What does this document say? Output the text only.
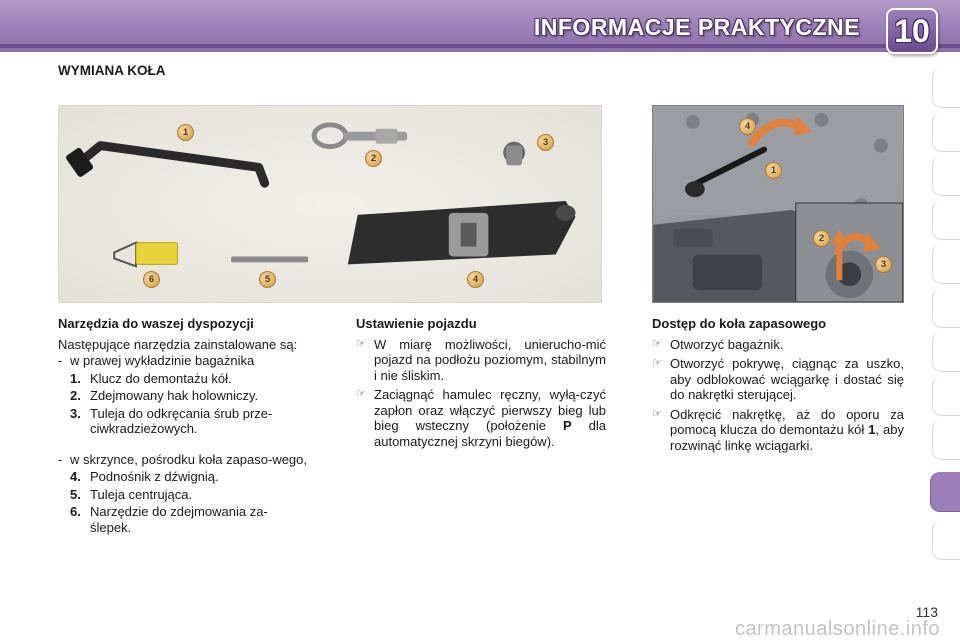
INFORMACJE PRAKTYCZNE 10
WYMIANA KOŁA
1
2
3
6	5	4
4
1
2
3
Narzędzia do waszej dyspozycji
Następujące narzędzia zainstalowane są:
- w prawej wykładzinie bagażnika
1. Klucz do demontażu kół.
2. Zdejmowany hak holowniczy.
3. Tuleja do odkręcania śrub prze-ciwkradzieżowych.
- w skrzynce, pośrodku koła zapaso-wego,
4. Podnośnik z dźwignią.
5. Tuleja centrująca.
6. Narzędzie do zdejmowania za-ślepek.
Ustawienie pojazdu
☞ W miarę możliwości, unierucho-mić pojazd na podłożu poziomym, stabilnym i nie śliskim.
☞ Zaciągnąć hamulec ręczny, wyłą-czyć zapłon oraz włączyć pierwszy bieg lub bieg wsteczny (położenie P dla automatycznej skrzyni biegów).
Dostęp do koła zapasowego
☞ Otworzyć bagażnik.
☞ Otworzyć pokrywę, ciągnąc za uszko, aby odblokować wciągarkę i dostać się do nakrętki sterującej.
☞ Odkręcić nakrętkę, aż do oporu za pomocą klucza do demontażu kół 1, aby rozwinąć linkę wciągarki.
113
carmanualsonline.info
